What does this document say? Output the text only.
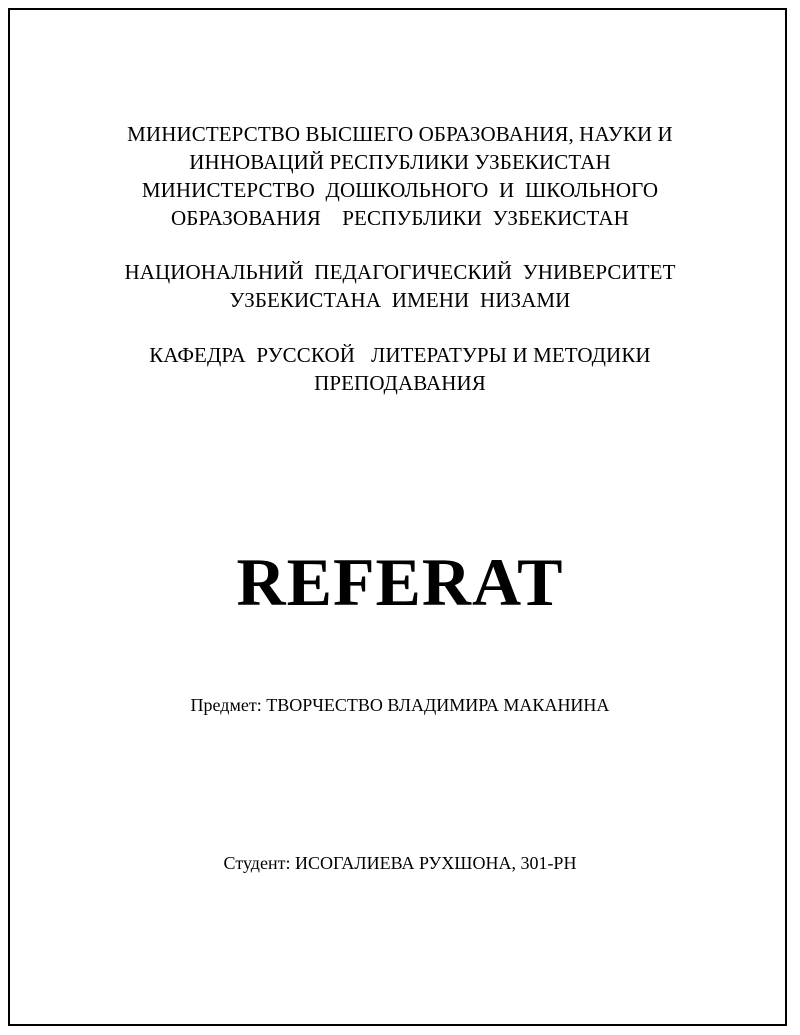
МИНИСТЕРСТВО ВЫСШЕГО ОБРАЗОВАНИЯ, НАУКИ И
ИННОВАЦИЙ РЕСПУБЛИКИ УЗБЕКИСТАН
МИНИСТЕРСТВО  ДОШКОЛЬНОГО  И  ШКОЛЬНОГО
ОБРАЗОВАНИЯ    РЕСПУБЛИКИ  УЗБЕКИСТАН
НАЦИОНАЛЬНИЙ  ПЕДАГОГИЧЕСКИЙ  УНИВЕРСИТЕТ
УЗБЕКИСТАНА  ИМЕНИ  НИЗАМИ
КАФЕДРА  РУССКОЙ   ЛИТЕРАТУРЫ И МЕТОДИКИ
ПРЕПОДАВАНИЯ
REFERAT
Предмет: ТВОРЧЕСТВО ВЛАДИМИРА МАКАНИНА
Студент: ИСОГАЛИЕВА РУХШОНА, 301-РН
